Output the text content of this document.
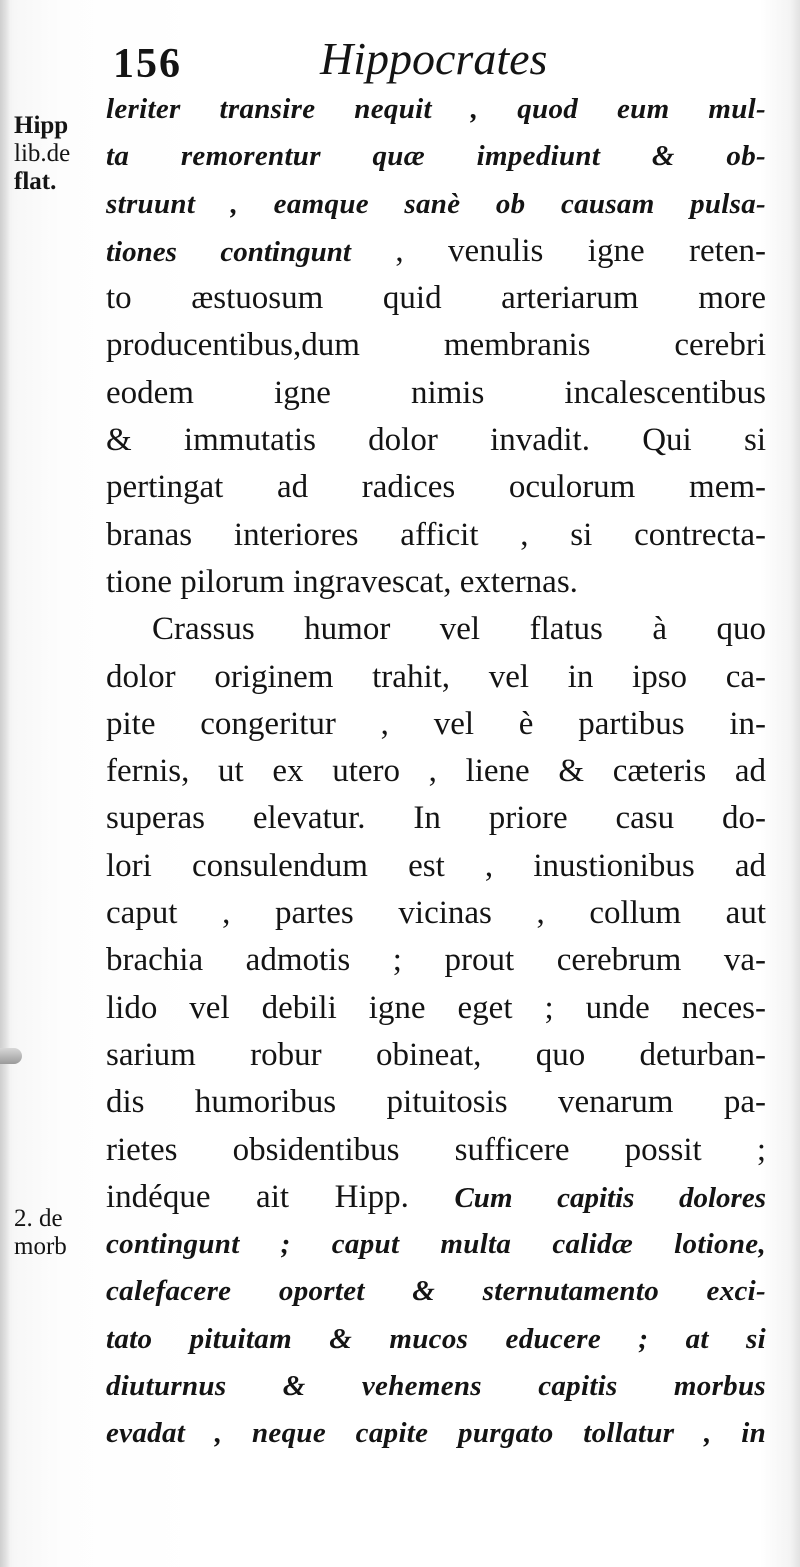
156	Hippocrates
Hipp
lib.de
flat.
2. de
morb
leriter transire nequit , quod eum mul-
ta remorentur quæ impediunt & ob-
struunt , eamque sanè ob causam pulsa-
tiones contingunt , venulis igne reten-
to æstuosum quid arteriarum more
producentibus,dum membranis cerebri
eodem igne nimis incalescentibus
& immutatis dolor invadit. Qui si
pertingat ad radices oculorum mem-
branas interiores afficit , si contrecta-
tione pilorum ingravescat, externas.
Crassus humor vel flatus à quo
dolor originem trahit, vel in ipso ca-
pite congeritur , vel è partibus in-
fernis, ut ex utero , liene & cæteris ad
superas elevatur. In priore casu do-
lori consulendum est , inustionibus ad
caput , partes vicinas , collum aut
brachia admotis ; prout cerebrum va-
lido vel debili igne eget ; unde neces-
sarium robur obineat, quo deturban-
dis humoribus pituitosis venarum pa-
rietes obsidentibus sufficere possit ;
indéque ait Hipp. Cum capitis dolores
contingunt ; caput multa calidæ lotione,
calefacere oportet & sternutamento exci-
tato pituitam & mucos educere ; at si
diuturnus & vehemens capitis morbus
evadat , neque capite purgato tollatur , in
